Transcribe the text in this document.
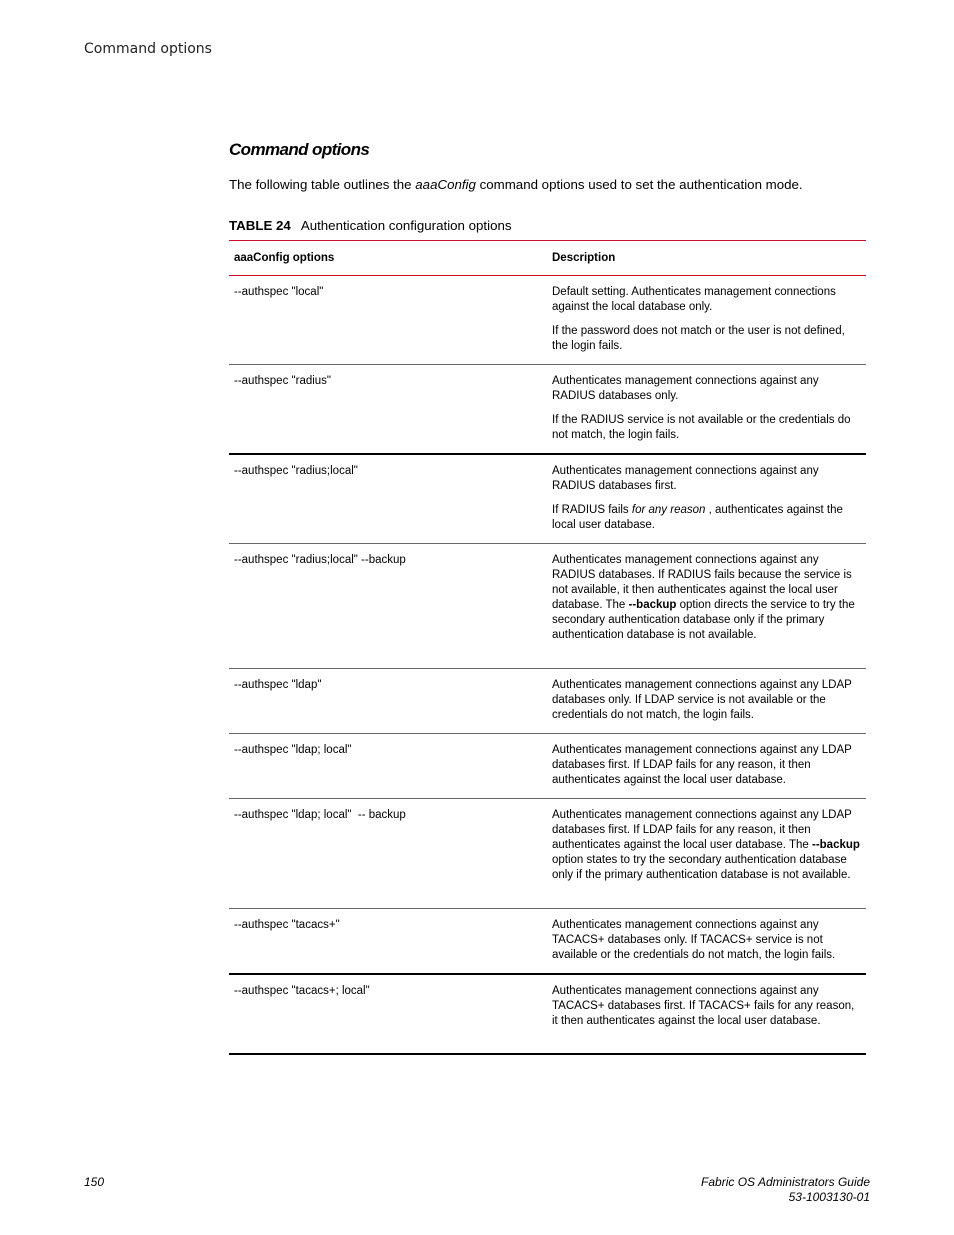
Command options
Command options

The following table outlines the aaaConfig command options used to set the authentication mode.

TABLE 24 Authentication configuration options
aaaConfig options	Description
--authspec "local"	Default setting. Authenticates management connections against the local database only.

If the password does not match or the user is not defined, the login fails.

--authspec "radius"	Authenticates management connections against any RADIUS databases only.

If the RADIUS service is not available or the credentials do not match, the login fails.

--authspec "radius;local"	Authenticates management connections against any RADIUS databases first.

If RADIUS fails for any reason , authenticates against the local user database.

--authspec "radius;local" --backup	Authenticates management connections against any RADIUS databases. If RADIUS fails because the service is not available, it then authenticates against the local user database. The --backup option directs the service to try the secondary authentication database only if the primary authentication database is not available.

--authspec "ldap"	Authenticates management connections against any LDAP databases only. If LDAP service is not available or the credentials do not match, the login fails.

--authspec "ldap; local"	Authenticates management connections against any LDAP databases first. If LDAP fails for any reason, it then authenticates against the local user database.

--authspec "ldap; local"  -- backup	Authenticates management connections against any LDAP databases first. If LDAP fails for any reason, it then authenticates against the local user database. The --backup option states to try the secondary authentication database only if the primary authentication database is not available.

--authspec "tacacs+"	Authenticates management connections against any TACACS+ databases only. If TACACS+ service is not available or the credentials do not match, the login fails.

--authspec "tacacs+; local"	Authenticates management connections against any TACACS+ databases first. If TACACS+ fails for any reason, it then authenticates against the local user database.

150	Fabric OS Administrators Guide
53-1003130-01
